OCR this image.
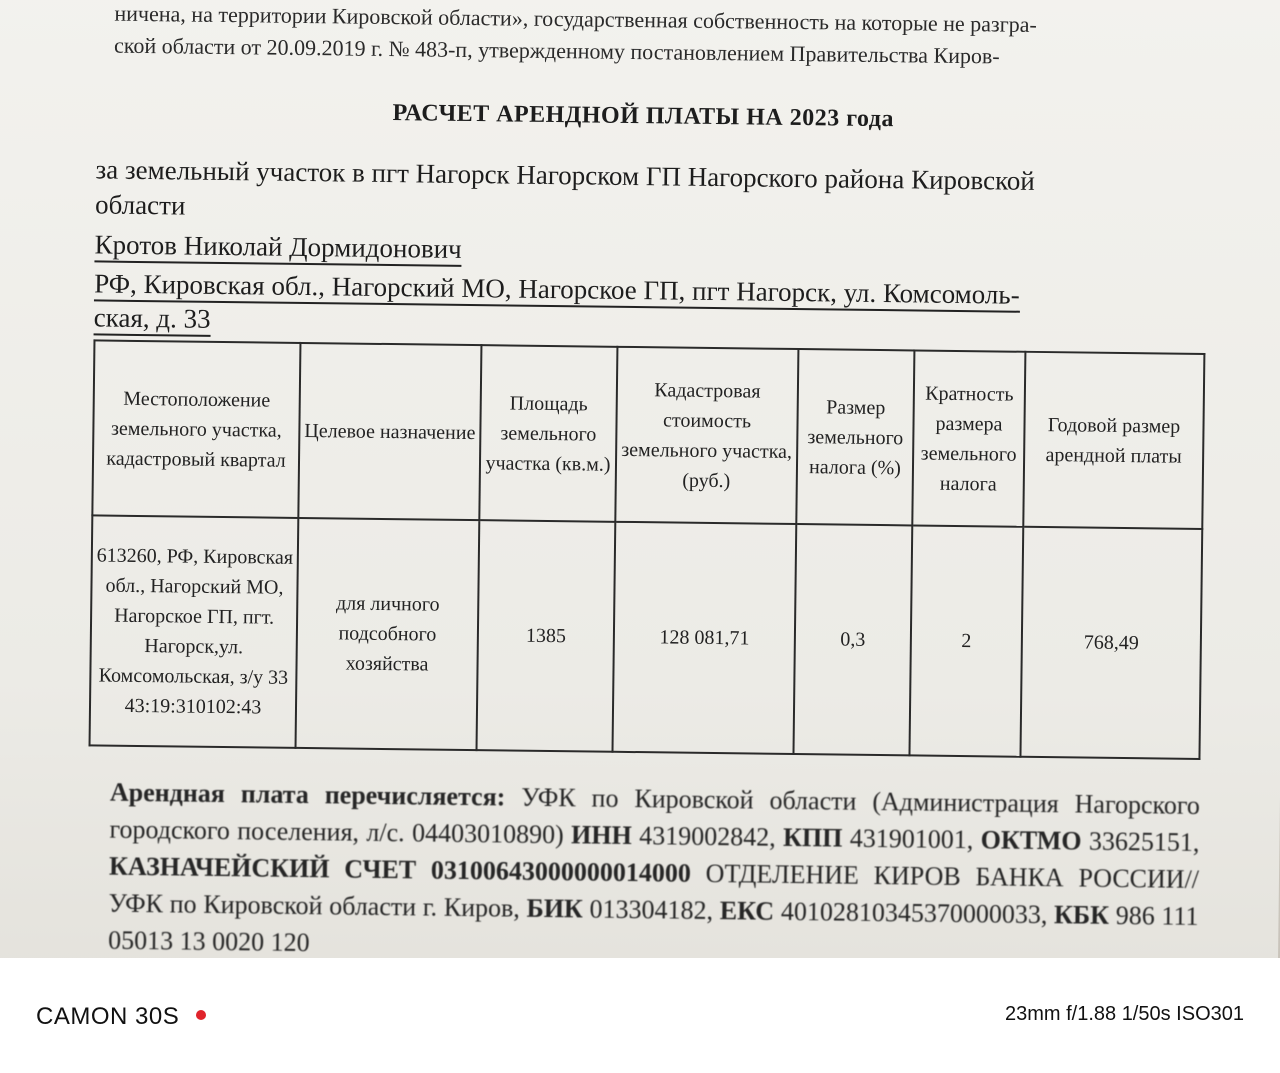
ничена, на территории Кировской области», государственная собственность на которые не разгра-
ской области от 20.09.2019 г. № 483-п, утвержденному постановлением Правительства Киров-
РАСЧЕТ АРЕНДНОЙ ПЛАТЫ НА 2023 года
за земельный участок в пгт Нагорск Нагорском ГП Нагорского района Кировской
области
Кротов Николай Дормидонович
РФ, Кировская обл., Нагорский МО, Нагорское ГП, пгт Нагорск, ул. Комсомоль-
ская, д. 33
Местоположение земельного участка, кадастровый квартал	Целевое назначение	Площадь земельного участка (кв.м.)	Кадастровая стоимость земельного участка, (руб.)	Размер земельного налога (%)	Кратность размера земельного налога	Годовой размер арендной платы
613260, РФ, Кировская обл., Нагорский МО, Нагорское ГП, пгт. Нагорск,ул. Комсомольская, з/у 33 43:19:310102:43	для личного подсобного хозяйства	1385	128 081,71	0,3	2	768,49
Арендная плата перечисляется: УФК по Кировской области (Администрация Нагорского городского поселения, л/с. 04403010890) ИНН 4319002842, КПП 431901001, ОКТМО 33625151, КАЗНАЧЕЙСКИЙ СЧЕТ 03100643000000014000 ОТДЕЛЕНИЕ КИРОВ БАНКА РОССИИ//УФК по Кировской области г. Киров, БИК 013304182, ЕКС 40102810345370000033, КБК 986 111 05013 13 0020 120
CAMON 30S	23mm f/1.88 1/50s ISO301
